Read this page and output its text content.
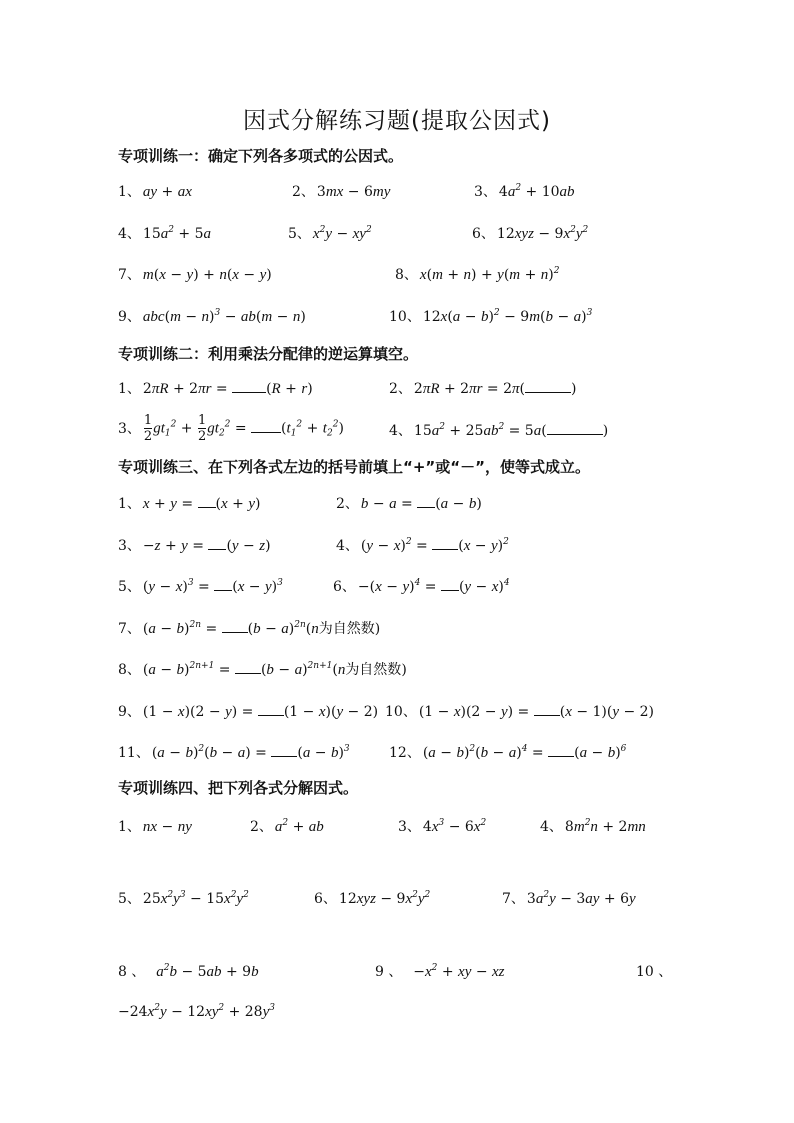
因式分解练习题(提取公因式)
专项训练一：确定下列各多项式的公因式。
1、 ay + ax	2、 3mx − 6my	3、 $4a^2 + 10ab$
4、 $15a^2 + 5a$	5、 $x^2y - xy^2$	6、 $12xyz - 9x^2y^2$
7、 m(x − y) + n(x − y)	8、 $x(m + n) + y(m + n)^2$
9、 $abc(m - n)^3 - ab(m - n)$	10、 $12x(a - b)^2 - 9m(b - a)^3$
专项训练二：利用乘法分配律的逆运算填空。
1、 2πR + 2πr = (R + r)	2、 2πR + 2πr = 2π(	)
3、 $\frac{1}{2} gt_1^2 + \frac{1}{2} gt_2^2 = (t_1^2 + t_2^2)$	4、 $15a^2 + 25ab^2 = 5a$(	)
专项训练三、在下列各式左边的括号前填上“+”或“－”，使等式成立。
1、 x + y = (x + y)	2、 b − a = (a − b)
3、 −z + y = (y − z)	4、 $(y - x)^2 = (x - y)^2$
5、 $(y - x)^3 = (x - y)^3$	6、 $-(x - y)^4 = (y - x)^4$
7、 $(a - b)^{2n} = (b - a)^{2n}(n$为自然数)
8、 $(a - b)^{2n+1} = (b - a)^{2n+1}(n$为自然数)
9、 (1 − x)(2 − y) = (1 − x)(y − 2) 10、 (1 − x)(2 − y) = (x − 1)(y − 2)
11、 $(a - b)^2(b - a) = (a - b)^3$	12、 $(a - b)^2(b - a)^4 = (a - b)^6$
专项训练四、把下列各式分解因式。
1、 nx − ny	2、 $a^2$ + ab	3、 $4x^3 - 6x^2$	4、 $8m^2n + 2mn$
5、 $25x^2y^3 - 15x^2y^2$	6、 $12xyz - 9x^2y^2$	7、 $3a^2y - 3ay + 6y$
8 、 $a^2b - 5ab + 9b$	9 、  $-x^2$ + xy − xz	10 、
$-24x^2y - 12xy^2 + 28y^3$
